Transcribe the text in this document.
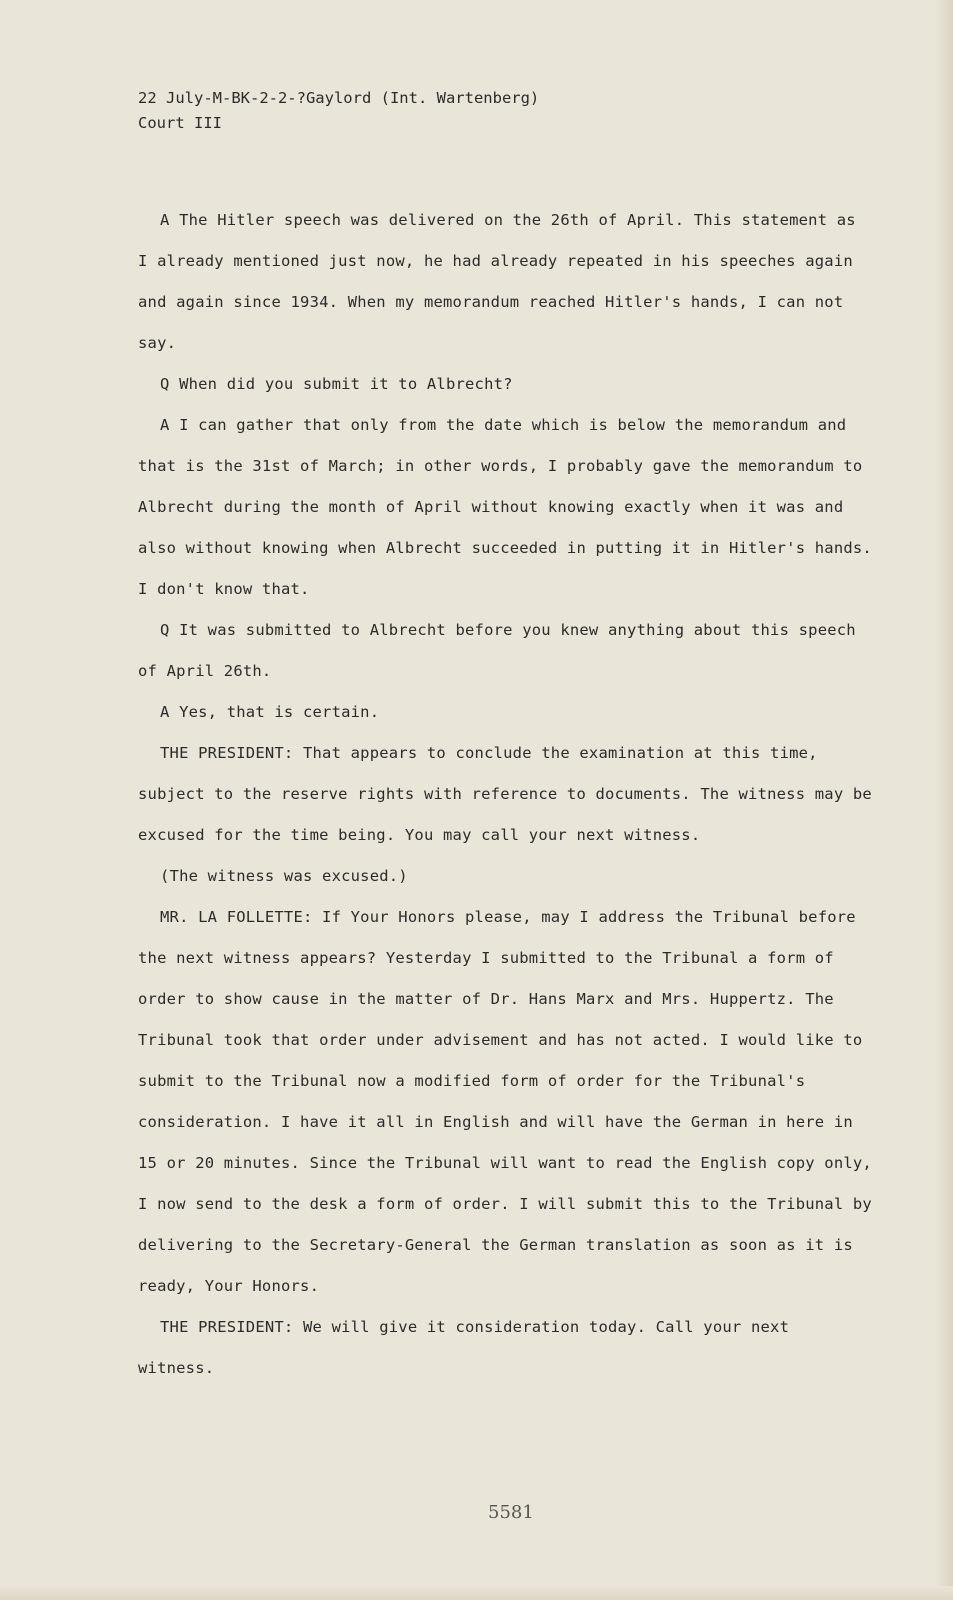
22 July-M-BK-2-2-?Gaylord (Int. Wartenberg)
Court III

A The Hitler speech was delivered on the 26th of April. This statement as I already mentioned just now, he had already repeated in his speeches again and again since 1934. When my memorandum reached Hitler's hands, I can not say.

Q When did you submit it to Albrecht?

A I can gather that only from the date which is below the memorandum and that is the 31st of March; in other words, I probably gave the memorandum to Albrecht during the month of April without knowing exactly when it was and also without knowing when Albrecht succeeded in putting it in Hitler's hands. I don't know that.

Q It was submitted to Albrecht before you knew anything about this speech of April 26th.

A Yes, that is certain.

THE PRESIDENT: That appears to conclude the examination at this time, subject to the reserve rights with reference to documents. The witness may be excused for the time being. You may call your next witness.

(The witness was excused.)

MR. LA FOLLETTE: If Your Honors please, may I address the Tribunal before the next witness appears? Yesterday I submitted to the Tribunal a form of order to show cause in the matter of Dr. Hans Marx and Mrs. Huppertz. The Tribunal took that order under advisement and has not acted. I would like to submit to the Tribunal now a modified form of order for the Tribunal's consideration. I have it all in English and will have the German in here in 15 or 20 minutes. Since the Tribunal will want to read the English copy only, I now send to the desk a form of order. I will submit this to the Tribunal by delivering to the Secretary-General the German translation as soon as it is ready, Your Honors.

THE PRESIDENT: We will give it consideration today. Call your next witness.

5581
